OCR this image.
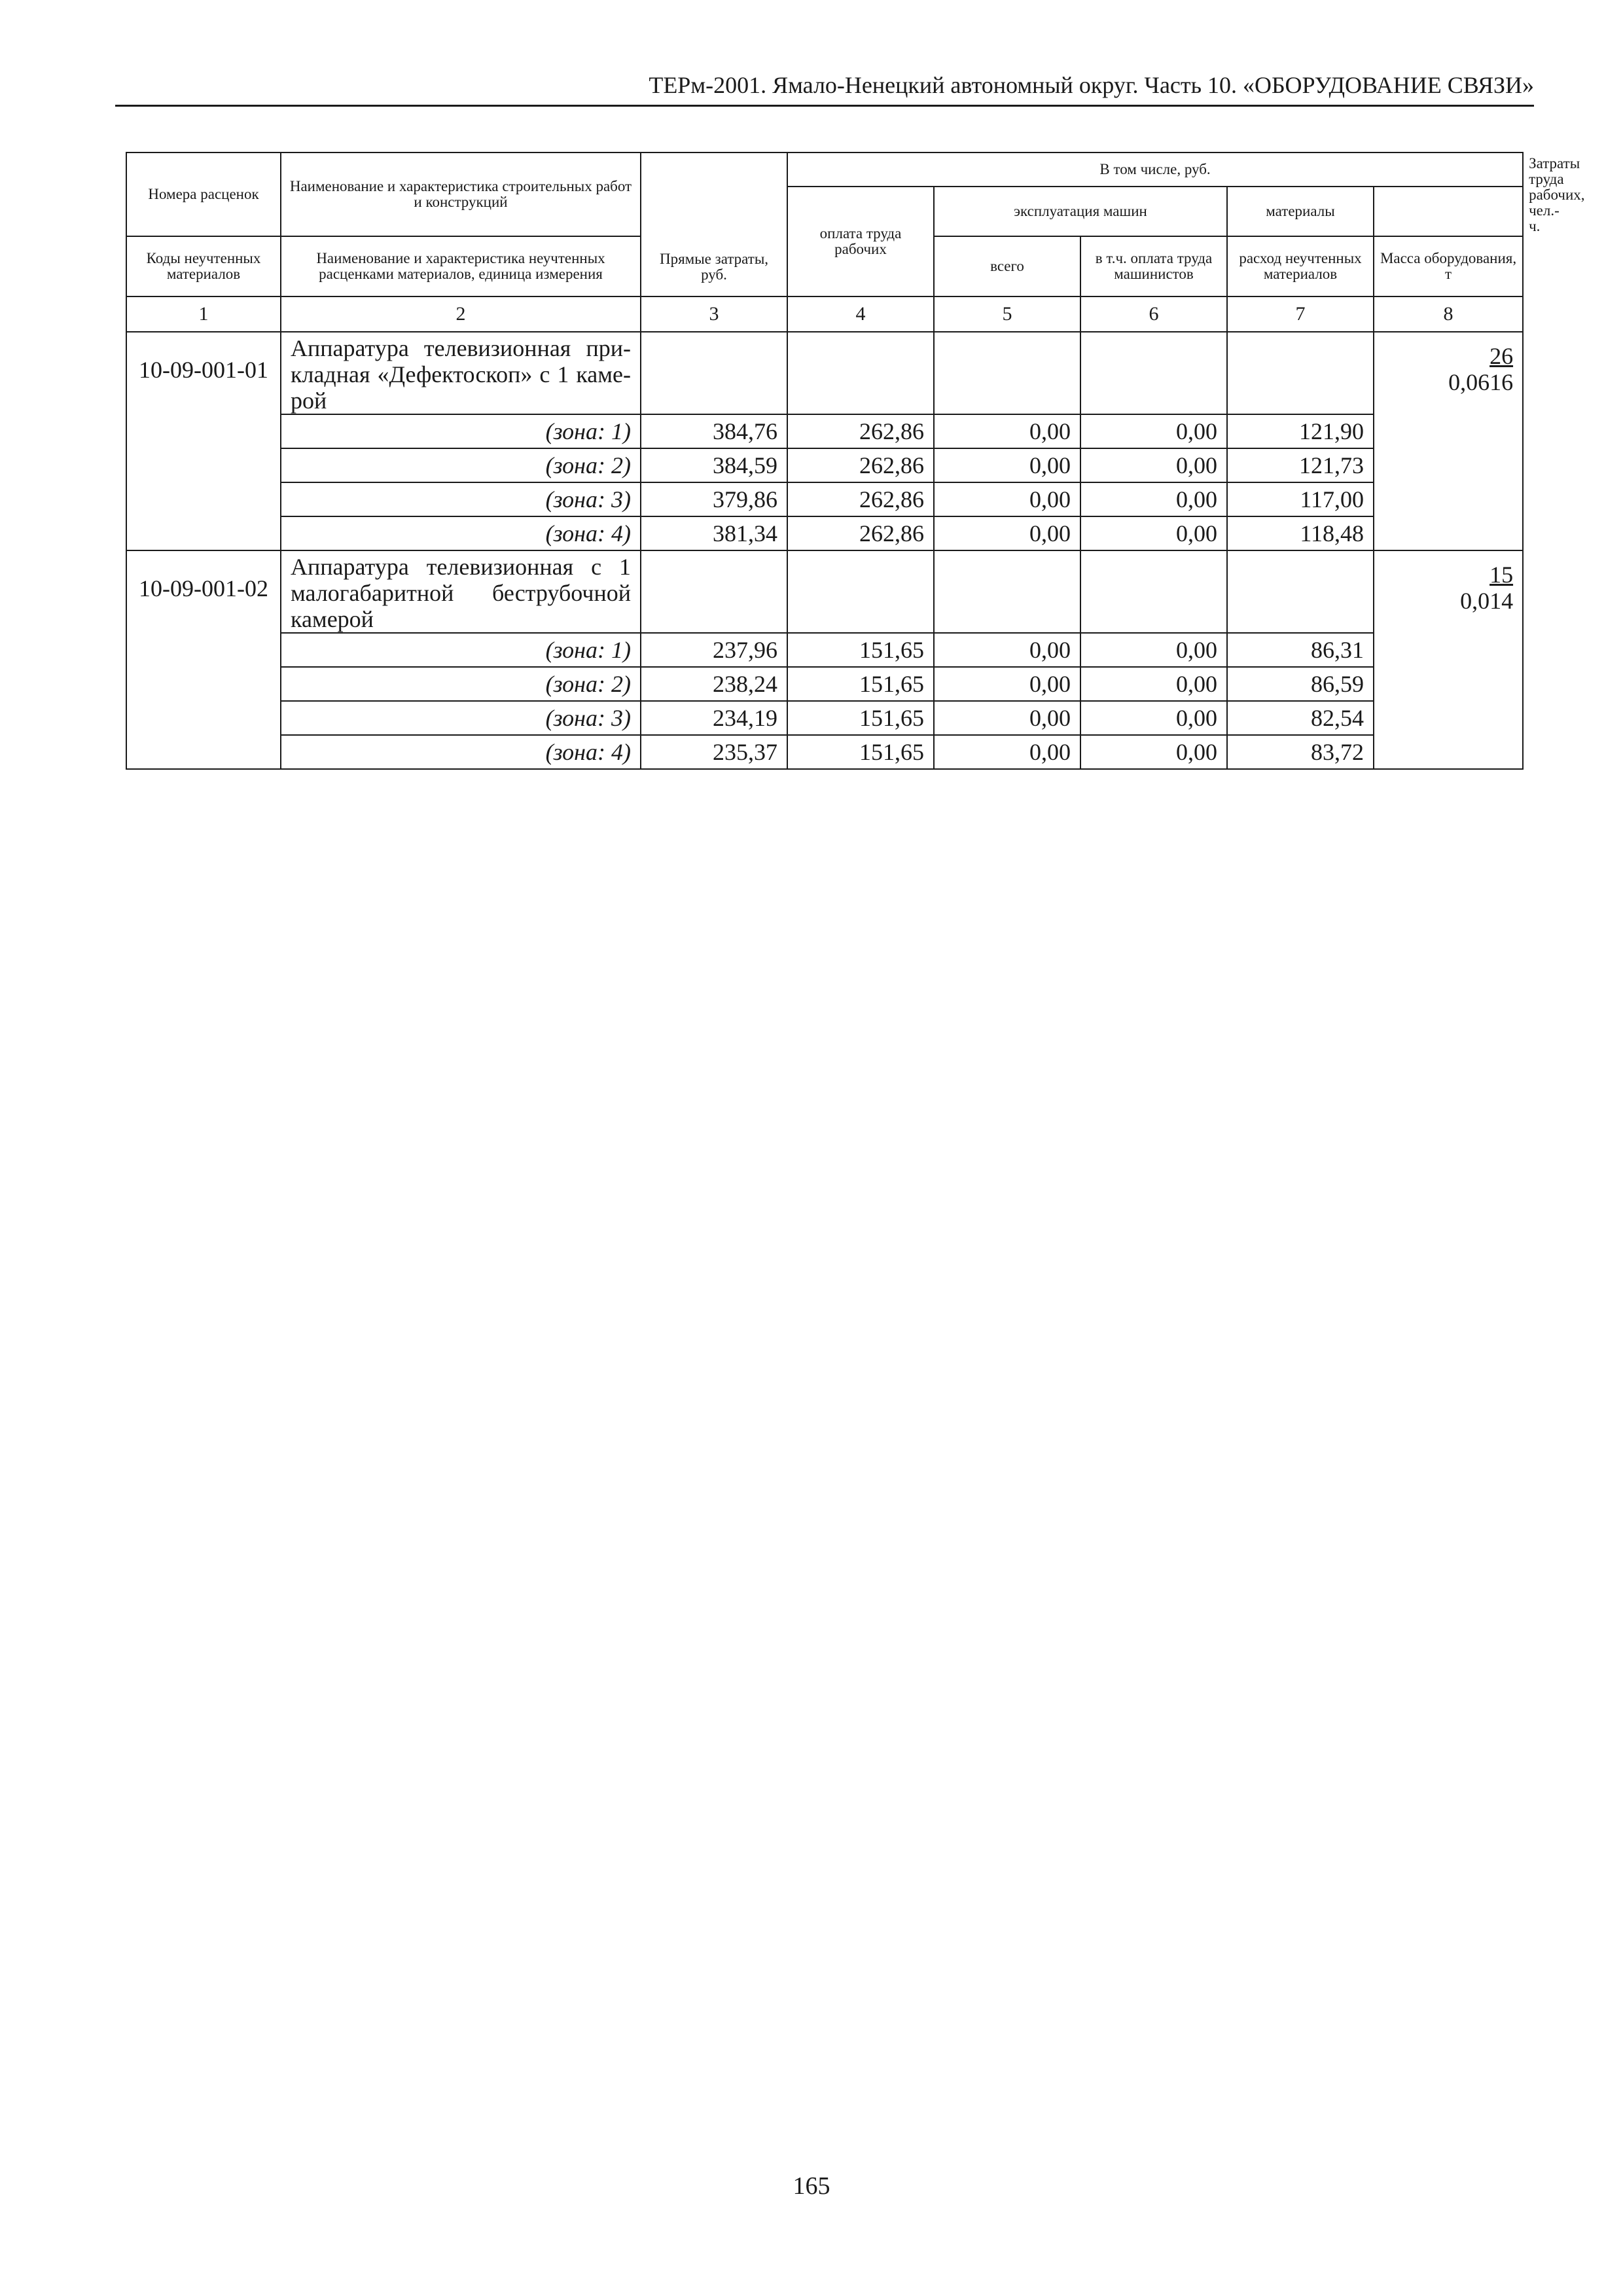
ТЕРм-2001. Ямало-Ненецкий автономный округ. Часть 10. «ОБОРУДОВАНИЕ СВЯЗИ»
Номера расценок	Наименование и характеристика строительных работ и конструкций	Прямые затраты, руб.	В том числе, руб.					Затраты труда рабочих, чел.-ч.
			оплата труда рабочих	эксплуатация машин		материалы		
Коды неучтенных материалов	Наименование и характеристика неучтенных расценками материалов, единица измерения			всего	в т.ч. оплата труда машинистов	расход неучтенных материалов	Масса оборудования, т	
1	2	3	4	5	6	7	8	
10-09-001-01	Аппаратура телевизионная при-кладная «Дефектоскоп» с 1 каме-рой						26
0,0616	
	(зона: 1)	384,76	262,86	0,00	0,00	121,90		
	(зона: 2)	384,59	262,86	0,00	0,00	121,73		
	(зона: 3)	379,86	262,86	0,00	0,00	117,00		
	(зона: 4)	381,34	262,86	0,00	0,00	118,48		
10-09-001-02	Аппаратура телевизионная с 1 малогабаритной беструбочной камерой						15
0,014	
	(зона: 1)	237,96	151,65	0,00	0,00	86,31		
	(зона: 2)	238,24	151,65	0,00	0,00	86,59		
	(зона: 3)	234,19	151,65	0,00	0,00	82,54		
	(зона: 4)	235,37	151,65	0,00	0,00	83,72		
165
